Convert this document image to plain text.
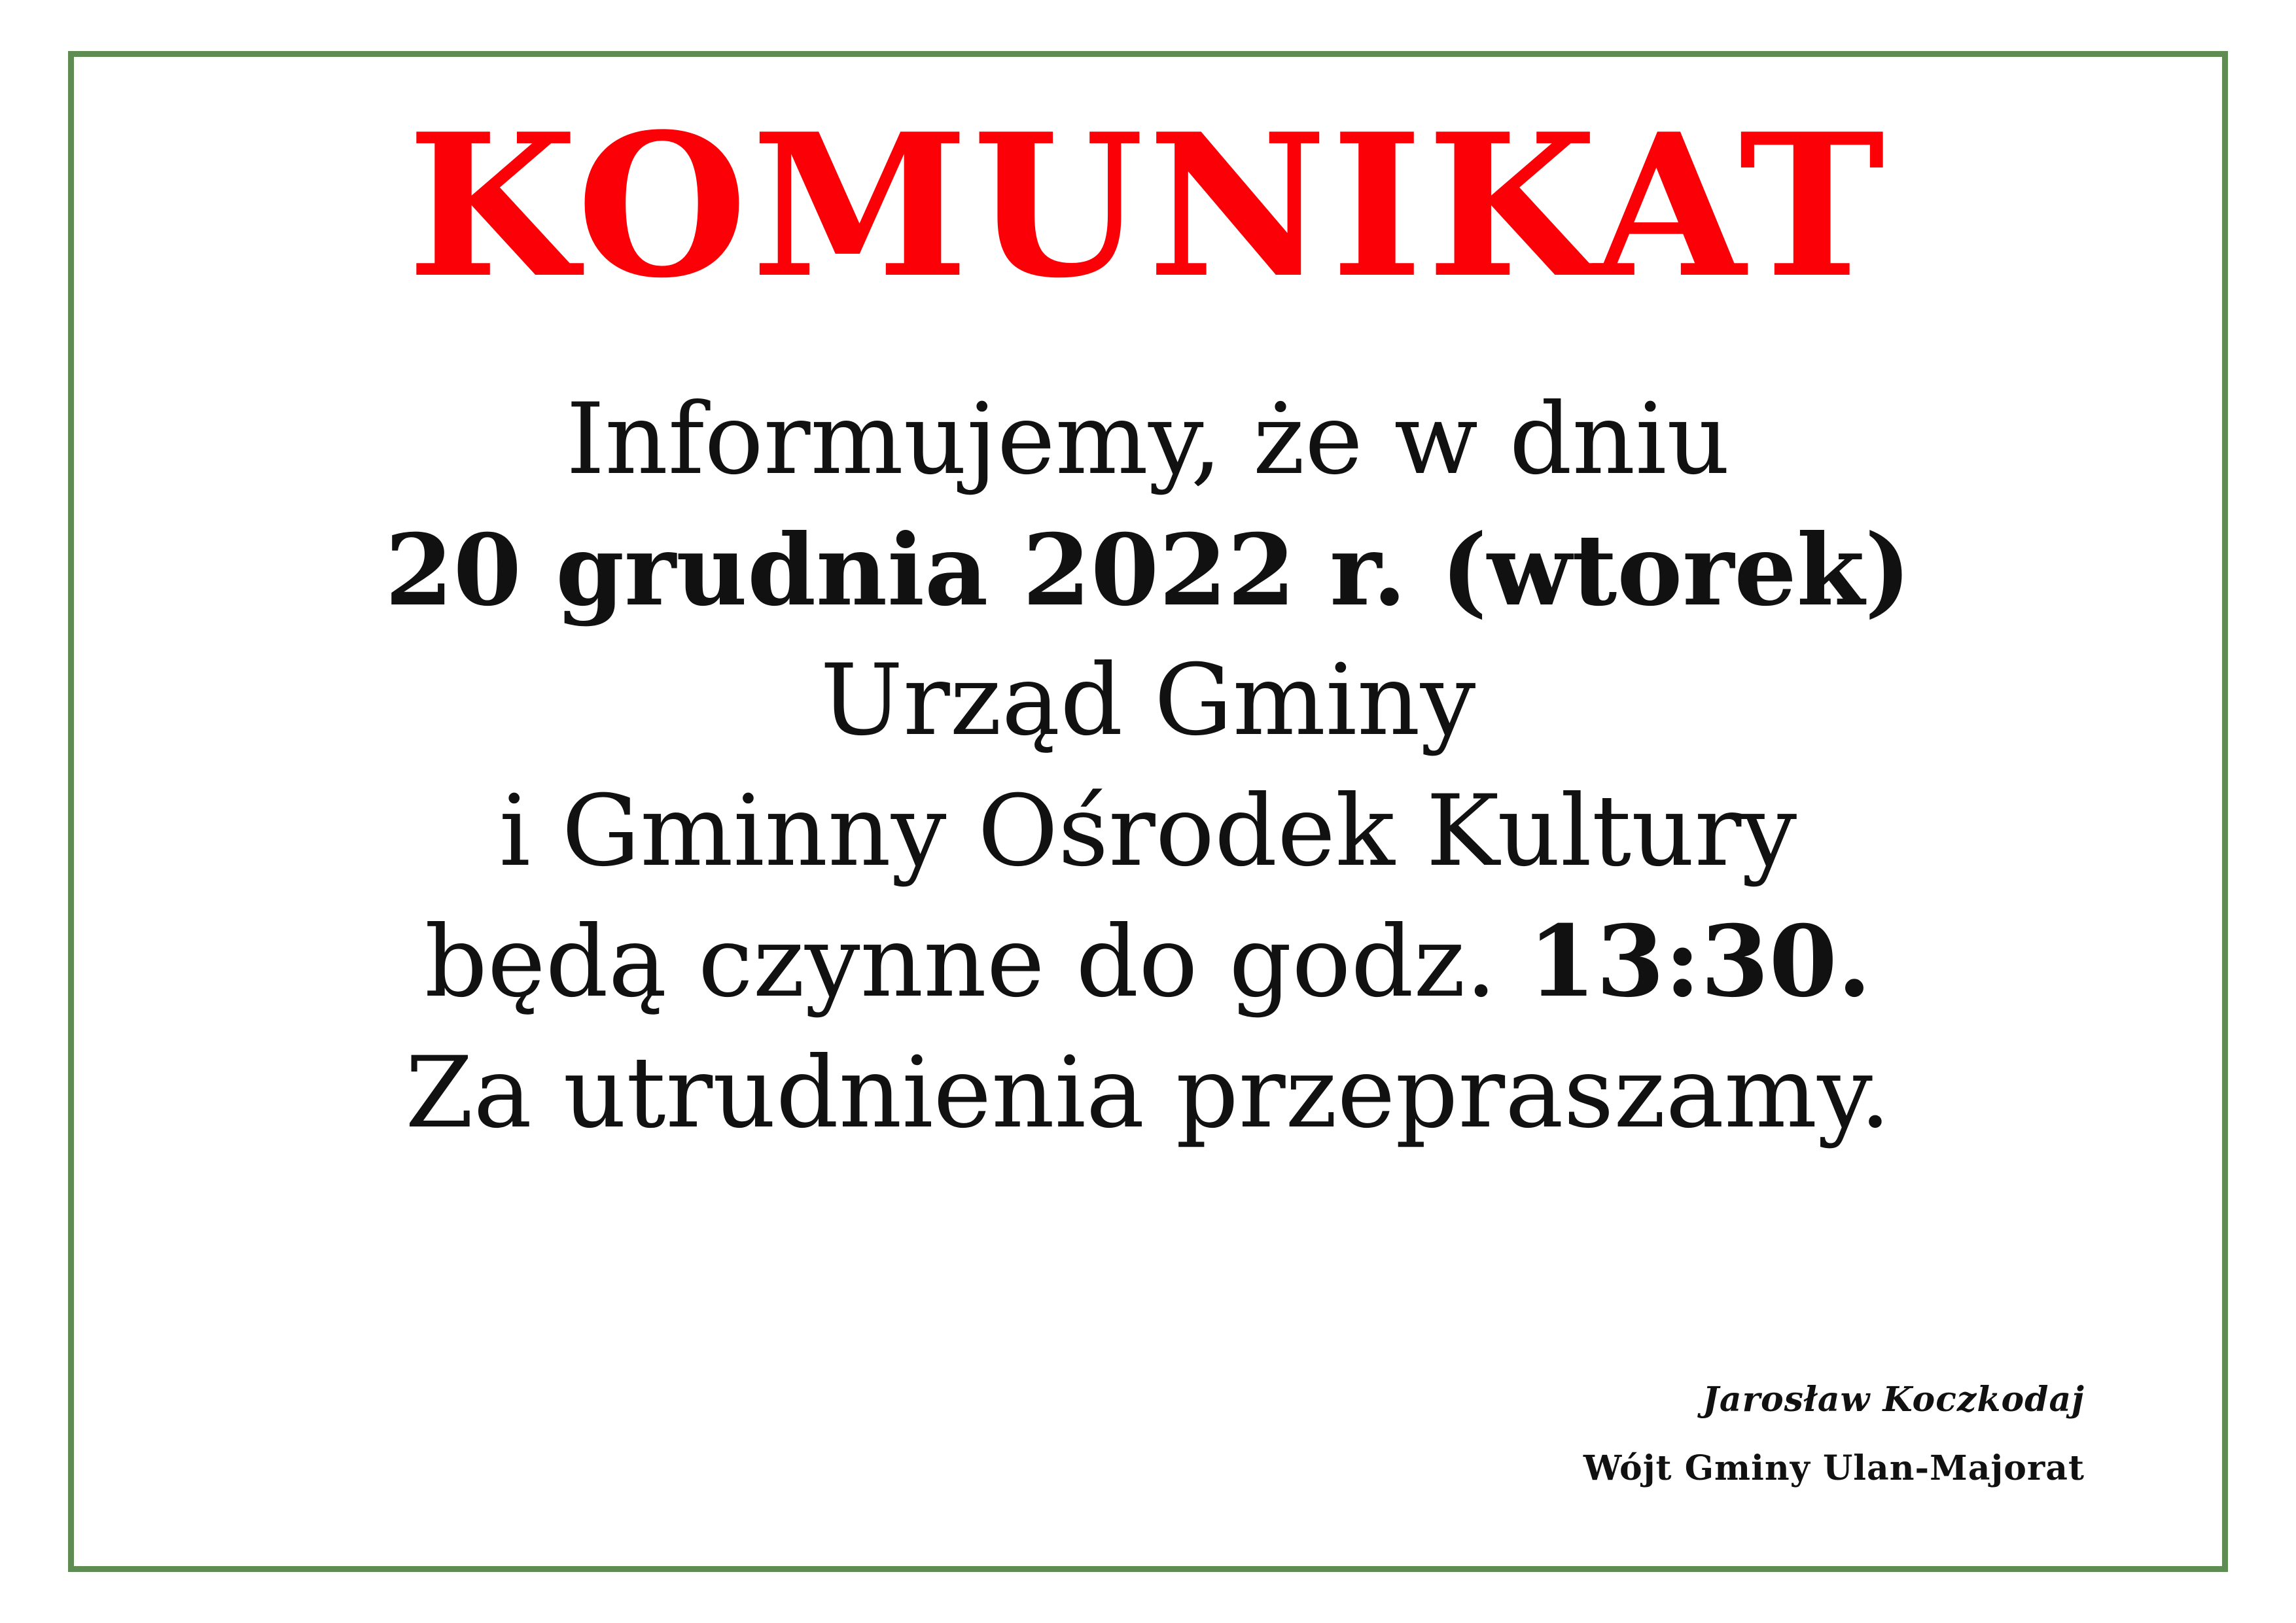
KOMUNIKAT
Informujemy, że w dniu
20 grudnia 2022 r. (wtorek)
Urząd Gminy
i Gminny Ośrodek Kultury
będą czynne do godz. 13:30.
Za utrudnienia przepraszamy.
Jarosław Koczkodaj
Wójt Gminy Ulan-Majorat
